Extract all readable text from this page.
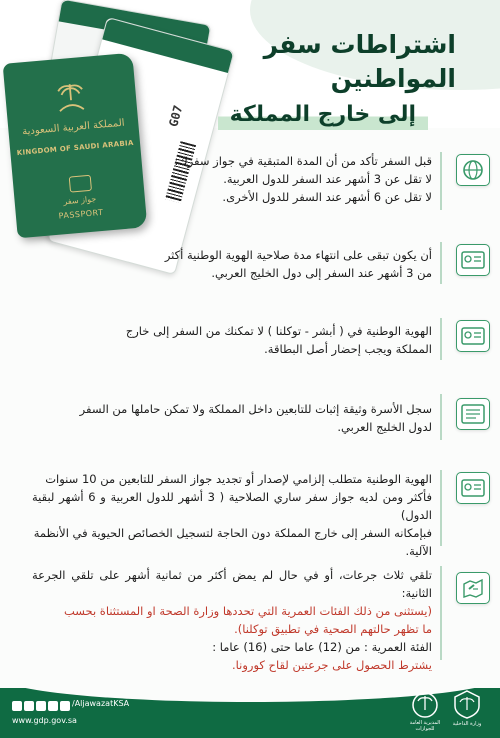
G07
المملكة العربية السعودية
KINGDOM OF SAUDI ARABIA
جواز سفر
PASSPORT
اشتراطات سفر المواطنين
إلى خارج المملكة

قبل السفر تأكد من أن المدة المتبقية في جواز سفرك:

لا تقل عن 3 أشهر عند السفر للدول العربية.

لا تقل عن 6 أشهر عند السفر للدول الأخرى.

أن يكون تبقى على انتهاء مدة صلاحية الهوية الوطنية أكثر

من 3 أشهر عند السفر إلى دول الخليج العربي.

الهوية الوطنية في ( أبشر - توكلنا ) لا تمكنك من السفر إلى خارج

المملكة ويجب إحضار أصل البطاقة.

سجل الأسرة وثيقة إثبات للتابعين داخل المملكة ولا تمكن حاملها من السفر

لدول الخليج العربي.

الهوية الوطنية متطلب إلزامي لإصدار أو تجديد جواز السفر للتابعين من 10 سنوات

فأكثر ومن لديه جواز سفر ساري الصلاحية ( 3 أشهر للدول العربية و 6 أشهر لبقية الدول)

فبإمكانه السفر إلى خارج المملكة دون الحاجة لتسجيل الخصائص الحيوية في الأنظمة

الآلية.

تلقي ثلاث جرعات، أو في حال لم يمض أكثر من ثمانية أشهر على تلقي الجرعة الثانية:

(يستثنى من ذلك الفئات العمرية التي تحددها وزارة الصحة او المستثناة بحسب

ما تظهر حالتهم الصحية في تطبيق توكلنا).

الفئة العمرية : من (12) عاما حتى (16) عاما :

يشترط الحصول على جرعتين لقاح كورونا.

/AljawazatKSA
www.gdp.gov.sa	المديرية العامة للجوازات
وزارة الداخلية
